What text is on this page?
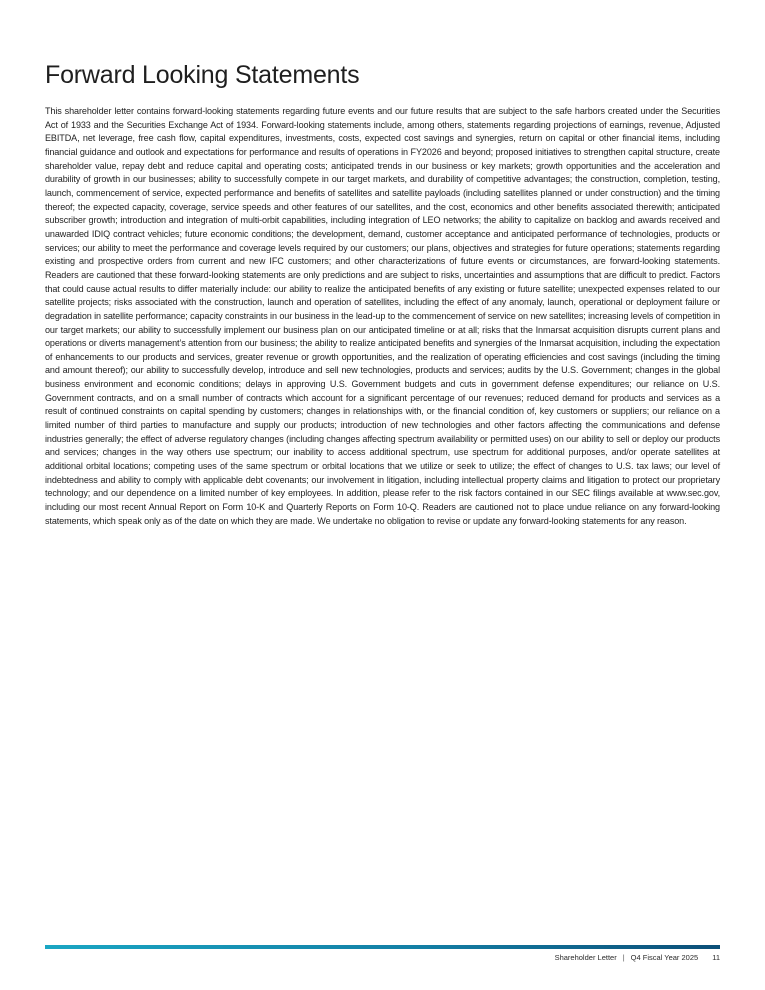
Forward Looking Statements

This shareholder letter contains forward-looking statements regarding future events and our future results that are subject to the safe harbors created under the Securities Act of 1933 and the Securities Exchange Act of 1934. Forward-looking statements include, among others, statements regarding projections of earnings, revenue, Adjusted EBITDA, net leverage, free cash flow, capital expenditures, investments, costs, expected cost savings and synergies, return on capital or other financial items, including financial guidance and outlook and expectations for performance and results of operations in FY2026 and beyond; proposed initiatives to strengthen capital structure, create shareholder value, repay debt and reduce capital and operating costs; anticipated trends in our business or key markets; growth opportunities and the acceleration and durability of growth in our businesses; ability to successfully compete in our target markets, and durability of competitive advantages; the construction, completion, testing, launch, commencement of service, expected performance and benefits of satellites and satellite payloads (including satellites planned or under construction) and the timing thereof; the expected capacity, coverage, service speeds and other features of our satellites, and the cost, economics and other benefits associated therewith; anticipated subscriber growth; introduction and integration of multi-orbit capabilities, including integration of LEO networks; the ability to capitalize on backlog and awards received and unawarded IDIQ contract vehicles; future economic conditions; the development, demand, customer acceptance and anticipated performance of technologies, products or services; our ability to meet the performance and coverage levels required by our customers; our plans, objectives and strategies for future operations; statements regarding existing and prospective orders from current and new IFC customers; and other characterizations of future events or circumstances, are forward-looking statements. Readers are cautioned that these forward-looking statements are only predictions and are subject to risks, uncertainties and assumptions that are difficult to predict. Factors that could cause actual results to differ materially include: our ability to realize the anticipated benefits of any existing or future satellite; unexpected expenses related to our satellite projects; risks associated with the construction, launch and operation of satellites, including the effect of any anomaly, launch, operational or deployment failure or degradation in satellite performance; capacity constraints in our business in the lead-up to the commencement of service on new satellites; increasing levels of competition in our target markets; our ability to successfully implement our business plan on our anticipated timeline or at all; risks that the Inmarsat acquisition disrupts current plans and operations or diverts management’s attention from our business; the ability to realize anticipated benefits and synergies of the Inmarsat acquisition, including the expectation of enhancements to our products and services, greater revenue or growth opportunities, and the realization of operating efficiencies and cost savings (including the timing and amount thereof); our ability to successfully develop, introduce and sell new technologies, products and services; audits by the U.S. Government; changes in the global business environment and economic conditions; delays in approving U.S. Government budgets and cuts in government defense expenditures; our reliance on U.S. Government contracts, and on a small number of contracts which account for a significant percentage of our revenues; reduced demand for products and services as a result of continued constraints on capital spending by customers; changes in relationships with, or the financial condition of, key customers or suppliers; our reliance on a limited number of third parties to manufacture and supply our products; introduction of new technologies and other factors affecting the communications and defense industries generally; the effect of adverse regulatory changes (including changes affecting spectrum availability or permitted uses) on our ability to sell or deploy our products and services; changes in the way others use spectrum; our inability to access additional spectrum, use spectrum for additional purposes, and/or operate satellites at additional orbital locations; competing uses of the same spectrum or orbital locations that we utilize or seek to utilize; the effect of changes to U.S. tax laws; our level of indebtedness and ability to comply with applicable debt covenants; our involvement in litigation, including intellectual property claims and litigation to protect our proprietary technology; and our dependence on a limited number of key employees. In addition, please refer to the risk factors contained in our SEC filings available at www.sec.gov, including our most recent Annual Report on Form 10-K and Quarterly Reports on Form 10-Q. Readers are cautioned not to place undue reliance on any forward-looking statements, which speak only as of the date on which they are made. We undertake no obligation to revise or update any forward-looking statements for any reason.

Shareholder Letter | Q4 Fiscal Year 2025 11
